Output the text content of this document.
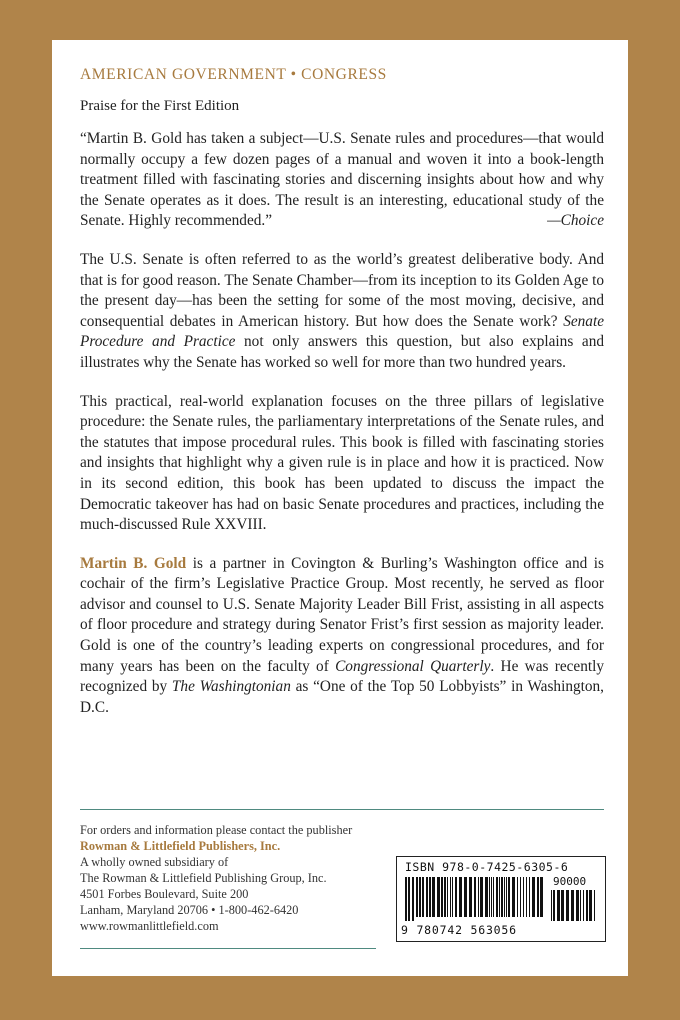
AMERICAN GOVERNMENT • CONGRESS
Praise for the First Edition

“Martin B. Gold has taken a subject—U.S. Senate rules and procedures—that would normally occupy a few dozen pages of a manual and woven it into a book-length treatment filled with fascinating stories and discerning insights about how and why the Senate operates as it does. The result is an interesting, educational study of the Senate. Highly recommended.”	—Choice

The U.S. Senate is often referred to as the world’s greatest deliberative body. And that is for good reason. The Senate Chamber—from its inception to its Golden Age to the present day—has been the setting for some of the most moving, decisive, and consequential debates in American history. But how does the Senate work? Senate Procedure and Practice not only answers this question, but also explains and illustrates why the Senate has worked so well for more than two hundred years.

This practical, real-world explanation focuses on the three pillars of legislative procedure: the Senate rules, the parliamentary interpretations of the Senate rules, and the statutes that impose procedural rules. This book is filled with fascinating stories and insights that highlight why a given rule is in place and how it is practiced. Now in its second edition, this book has been updated to discuss the impact the Democratic takeover has had on basic Senate procedures and practices, including the much-discussed Rule XXVIII.

Martin B. Gold is a partner in Covington & Burling’s Washington office and is cochair of the firm’s Legislative Practice Group. Most recently, he served as floor advisor and counsel to U.S. Senate Majority Leader Bill Frist, assisting in all aspects of floor procedure and strategy during Senator Frist’s first session as majority leader. Gold is one of the country’s leading experts on congressional procedures, and for many years has been on the faculty of Congressional Quarterly. He was recently recognized by The Washingtonian as “One of the Top 50 Lobbyists” in Washington, D.C.

For orders and information please contact the publisher
Rowman & Littlefield Publishers, Inc.
A wholly owned subsidiary of
The Rowman & Littlefield Publishing Group, Inc.
4501 Forbes Boulevard, Suite 200
Lanham, Maryland 20706 • 1-800-462-6420
www.rowmanlittlefield.com
ISBN 978-0-7425-6305-6
90000
9 780742 563056
